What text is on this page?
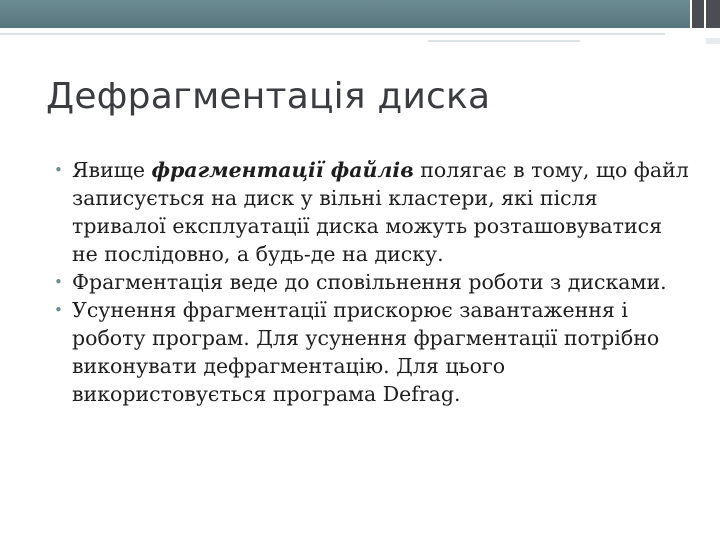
Дефрагментація диска
• Явище фрагментації файлів полягає в тому, що файл записується на диск у вільні кластери, які після тривалої експлуатації диска можуть розташовуватися не послідовно, а будь-де на диску.
• Фрагментація веде до сповільнення роботи з дисками.
• Усунення фрагментації прискорює завантаження і роботу програм. Для усунення фрагментації потрібно виконувати дефрагментацію. Для цього використовується програма Defrag.
